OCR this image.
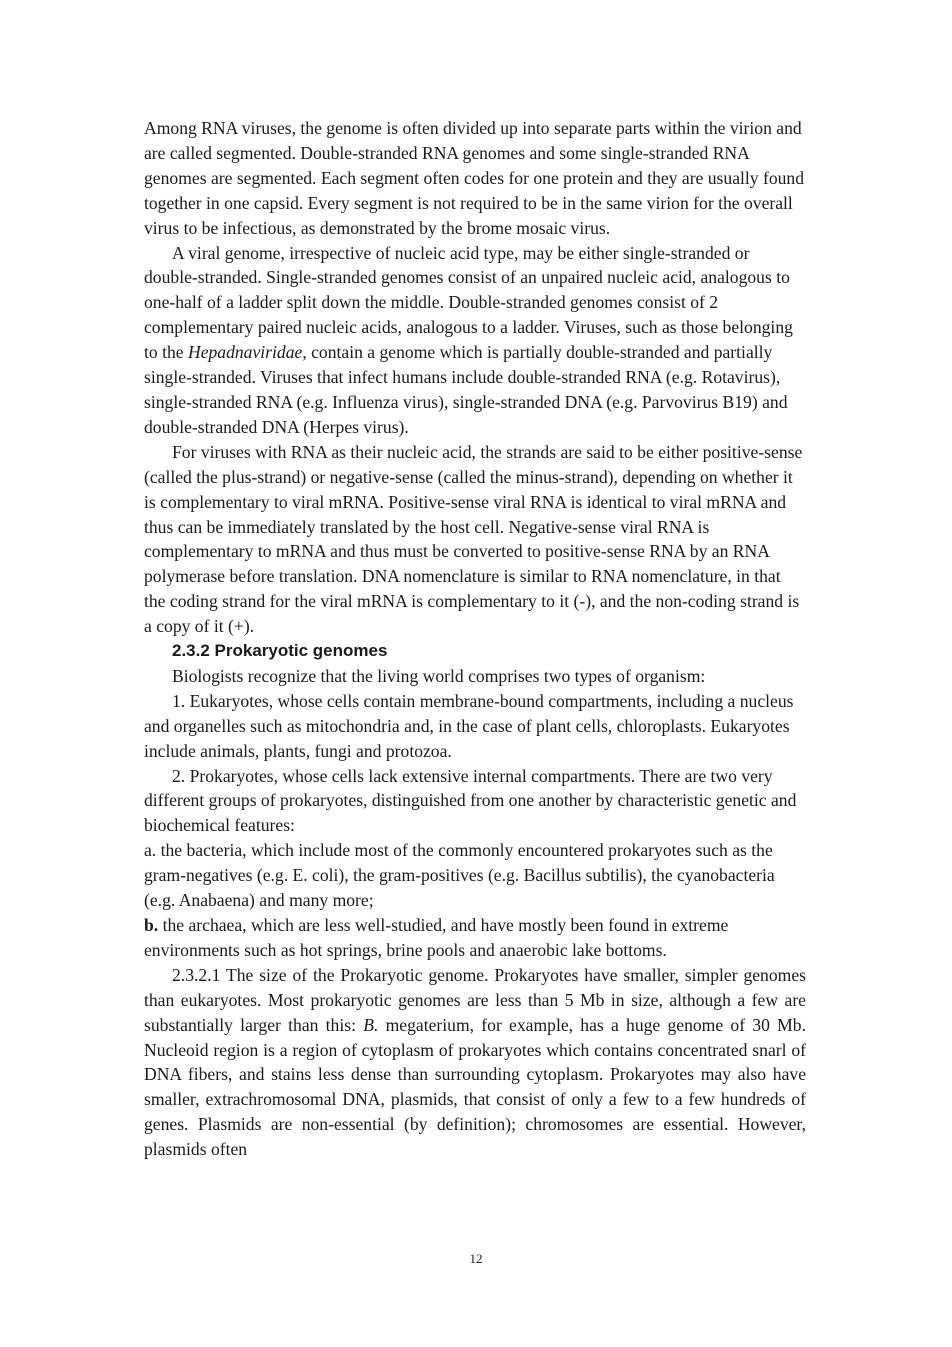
Among RNA viruses, the genome is often divided up into separate parts within the virion and are called segmented. Double-stranded RNA genomes and some single-stranded RNA genomes are segmented. Each segment often codes for one protein and they are usually found together in one capsid. Every segment is not required to be in the same virion for the overall virus to be infectious, as demonstrated by the brome mosaic virus.

A viral genome, irrespective of nucleic acid type, may be either single-stranded or double-stranded. Single-stranded genomes consist of an unpaired nucleic acid, analogous to one-half of a ladder split down the middle. Double-stranded genomes consist of 2 complementary paired nucleic acids, analogous to a ladder. Viruses, such as those belonging to the Hepadnaviridae, contain a genome which is partially double-stranded and partially single-stranded. Viruses that infect humans include double-stranded RNA (e.g. Rotavirus), single-stranded RNA (e.g. Influenza virus), single-stranded DNA (e.g. Parvovirus B19) and double-stranded DNA (Herpes virus).

For viruses with RNA as their nucleic acid, the strands are said to be either positive-sense (called the plus-strand) or negative-sense (called the minus-strand), depending on whether it is complementary to viral mRNA. Positive-sense viral RNA is identical to viral mRNA and thus can be immediately translated by the host cell. Negative-sense viral RNA is complementary to mRNA and thus must be converted to positive-sense RNA by an RNA polymerase before translation. DNA nomenclature is similar to RNA nomenclature, in that the coding strand for the viral mRNA is complementary to it (-), and the non-coding strand is a copy of it (+).

2.3.2 Prokaryotic genomes

Biologists recognize that the living world comprises two types of organism:

1. Eukaryotes, whose cells contain membrane-bound compartments, including a nucleus and organelles such as mitochondria and, in the case of plant cells, chloroplasts. Eukaryotes include animals, plants, fungi and protozoa.

2. Prokaryotes, whose cells lack extensive internal compartments. There are two very different groups of prokaryotes, distinguished from one another by characteristic genetic and biochemical features:

a. the bacteria, which include most of the commonly encountered prokaryotes such as the gram-negatives (e.g. E. coli), the gram-positives (e.g. Bacillus subtilis), the cyanobacteria (e.g. Anabaena) and many more;

b. the archaea, which are less well-studied, and have mostly been found in extreme environments such as hot springs, brine pools and anaerobic lake bottoms.

2.3.2.1 The size of the Prokaryotic genome. Prokaryotes have smaller, simpler genomes than eukaryotes. Most prokaryotic genomes are less than 5 Mb in size, although a few are substantially larger than this: B. megaterium, for example, has a huge genome of 30 Mb. Nucleoid region is a region of cytoplasm of prokaryotes which contains concentrated snarl of DNA fibers, and stains less dense than surrounding cytoplasm. Prokaryotes may also have smaller, extrachromosomal DNA, plasmids, that consist of only a few to a few hundreds of genes. Plasmids are non-essential (by definition); chromosomes are essential. However, plasmids often

12
